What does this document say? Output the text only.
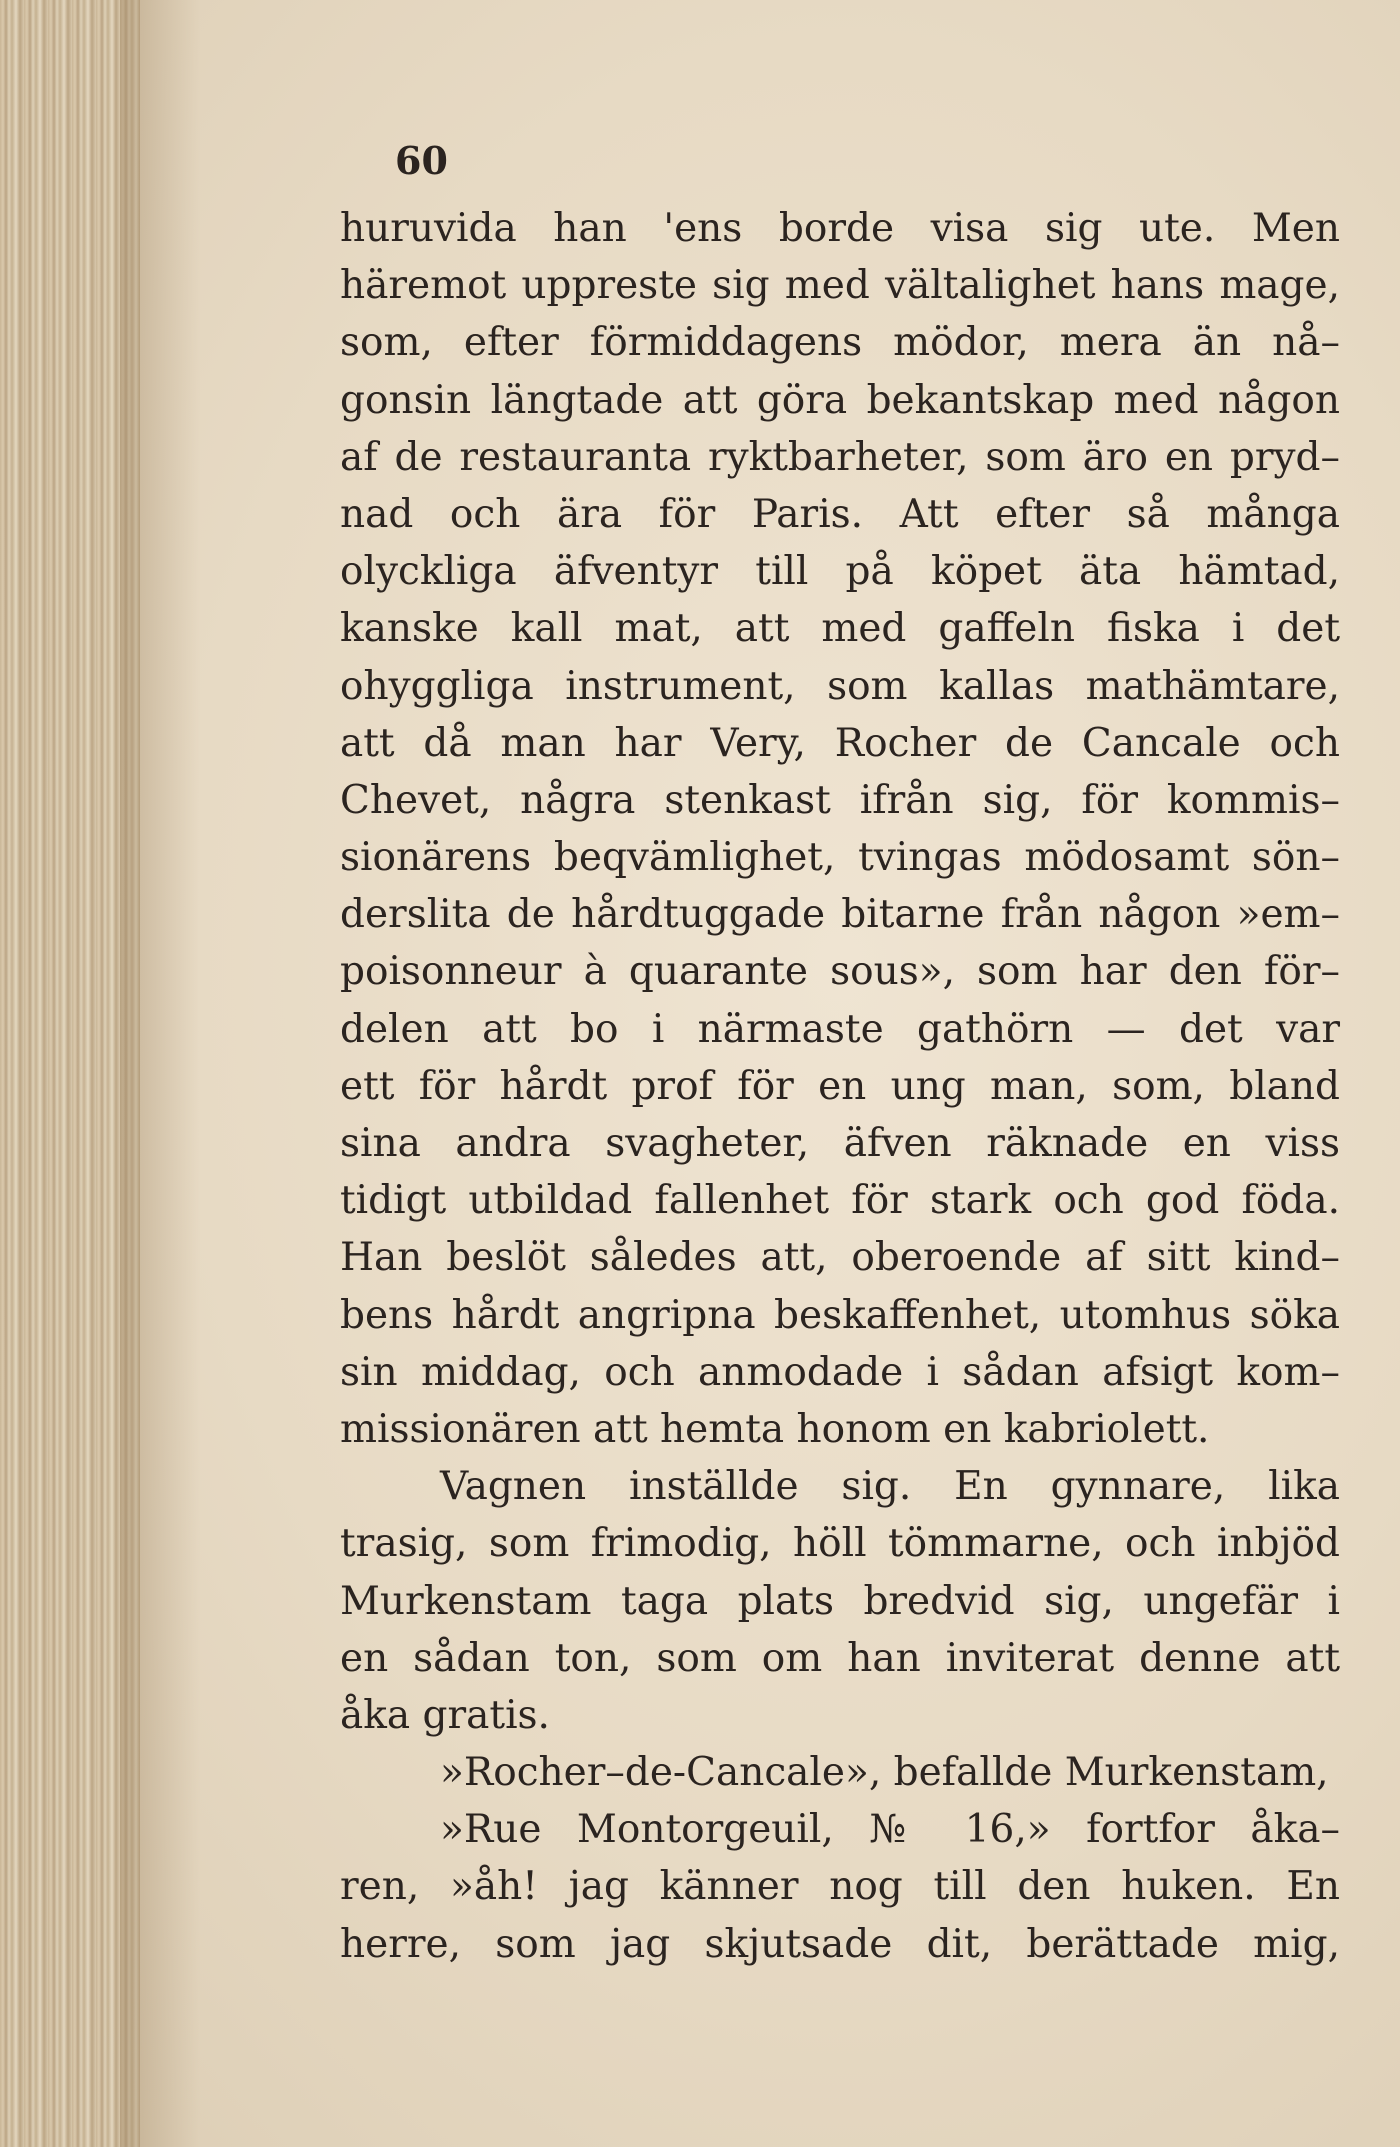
60
huruvida han 'ens borde visa sig ute. Men
häremot uppreste sig med vältalighet hans mage,
som, efter förmiddagens mödor, mera än nå–
gonsin längtade att göra bekantskap med någon
af de restauranta ryktbarheter, som äro en pryd–
nad och ära för Paris. Att efter så många
olyckliga äfventyr till på köpet äta hämtad,
kanske kall mat, att med gaffeln fiska i det
ohyggliga instrument, som kallas mathämtare,
att då man har Very, Rocher de Cancale och
Chevet, några stenkast ifrån sig, för kommis–
sionärens beqvämlighet, tvingas mödosamt sön–
derslita de hårdtuggade bitarne från någon »em–
poisonneur à quarante sous», som har den för–
delen att bo i närmaste gathörn — det var
ett för hårdt prof för en ung man, som, bland
sina andra svagheter, äfven räknade en viss
tidigt utbildad fallenhet för stark och god föda.
Han beslöt således att, oberoende af sitt kind–
bens hårdt angripna beskaffenhet, utomhus söka
sin middag, och anmodade i sådan afsigt kom–
missionären att hemta honom en kabriolett.
Vagnen inställde sig. En gynnare, lika
trasig, som frimodig, höll tömmarne, och inbjöd
Murkenstam taga plats bredvid sig, ungefär i
en sådan ton, som om han inviterat denne att
åka gratis.
»Rocher–de-Cancale», befallde Murkenstam,
»Rue Montorgeuil, № 16,» fortfor åka–
ren, »åh! jag känner nog till den huken. En
herre, som jag skjutsade dit, berättade mig,
